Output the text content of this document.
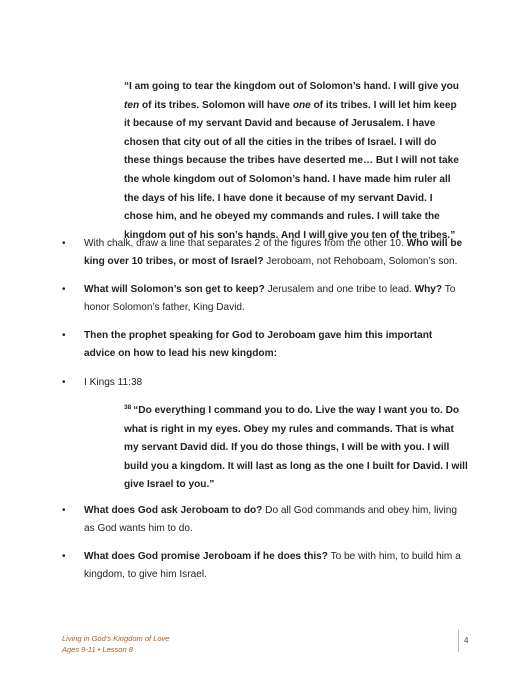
“I am going to tear the kingdom out of Solomon’s hand. I will give you ten of its tribes. Solomon will have one of its tribes. I will let him keep it because of my servant David and because of Jerusalem. I have chosen that city out of all the cities in the tribes of Israel. I will do these things because the tribes have deserted me… But I will not take the whole kingdom out of Solomon’s hand. I have made him ruler all the days of his life. I have done it because of my servant David. I chose him, and he obeyed my commands and rules. I will take the kingdom out of his son’s hands. And I will give you ten of the tribes.”
•	With chalk, draw a line that separates 2 of the figures from the other 10. Who will be king over 10 tribes, or most of Israel? Jeroboam, not Rehoboam, Solomon’s son.
•	What will Solomon’s son get to keep? Jerusalem and one tribe to lead. Why? To honor Solomon’s father, King David.
•	Then the prophet speaking for God to Jeroboam gave him this important advice on how to lead his new kingdom:
•	I Kings 11:38
$^{38}$ “Do everything I command you to do. Live the way I want you to. Do what is right in my eyes. Obey my rules and commands. That is what my servant David did. If you do those things, I will be with you. I will build you a kingdom. It will last as long as the one I built for David. I will give Israel to you.”
•	What does God ask Jeroboam to do? Do all God commands and obey him, living as God wants him to do.
•	What does God promise Jeroboam if he does this? To be with him, to build him a kingdom, to give him Israel.
Living in God’s Kingdom of Love
Ages 9-11 • Lesson 8
4
